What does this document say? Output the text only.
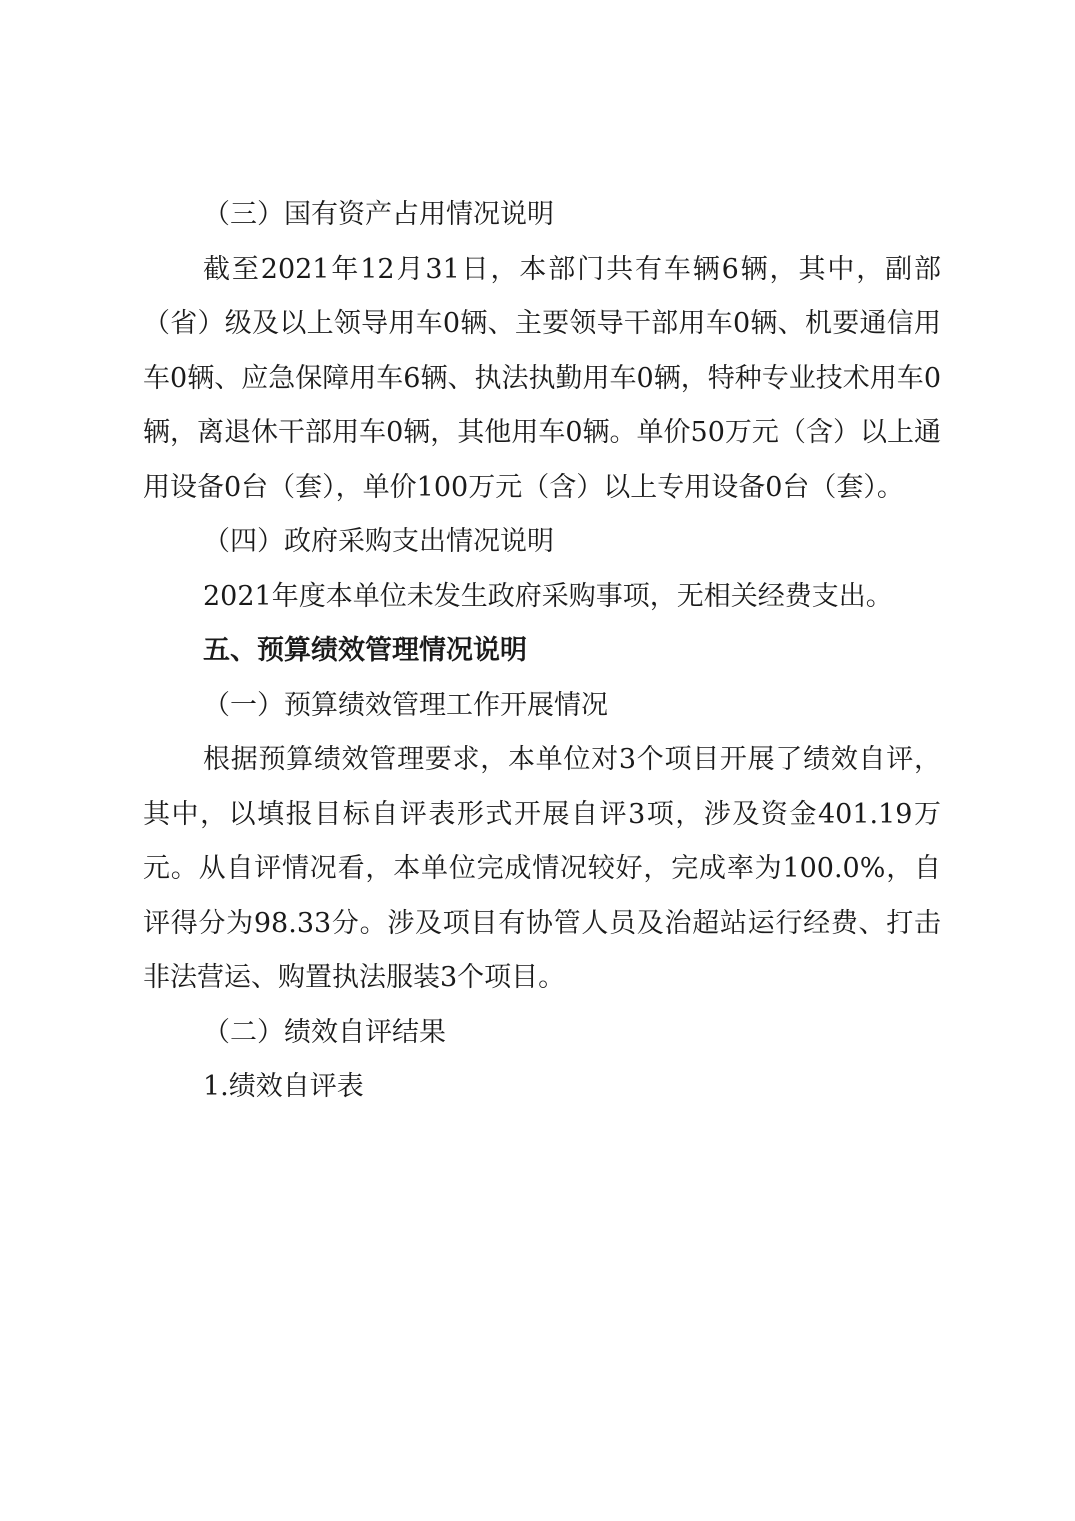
（三）国有资产占用情况说明

截至2021年12月31日，本部门共有车辆6辆，其中，副部（省）级及以上领导用车0辆、主要领导干部用车0辆、机要通信用车0辆、应急保障用车6辆、执法执勤用车0辆，特种专业技术用车0辆，离退休干部用车0辆，其他用车0辆。单价50万元（含）以上通用设备0台（套），单价100万元（含）以上专用设备0台（套）。

（四）政府采购支出情况说明

2021年度本单位未发生政府采购事项，无相关经费支出。

五、预算绩效管理情况说明

（一）预算绩效管理工作开展情况

根据预算绩效管理要求，本单位对3个项目开展了绩效自评，其中，以填报目标自评表形式开展自评3项，涉及资金401.19万元。从自评情况看，本单位完成情况较好，完成率为100.0%，自评得分为98.33分。涉及项目有协管人员及治超站运行经费、打击非法营运、购置执法服装3个项目。

（二）绩效自评结果

1.绩效自评表
